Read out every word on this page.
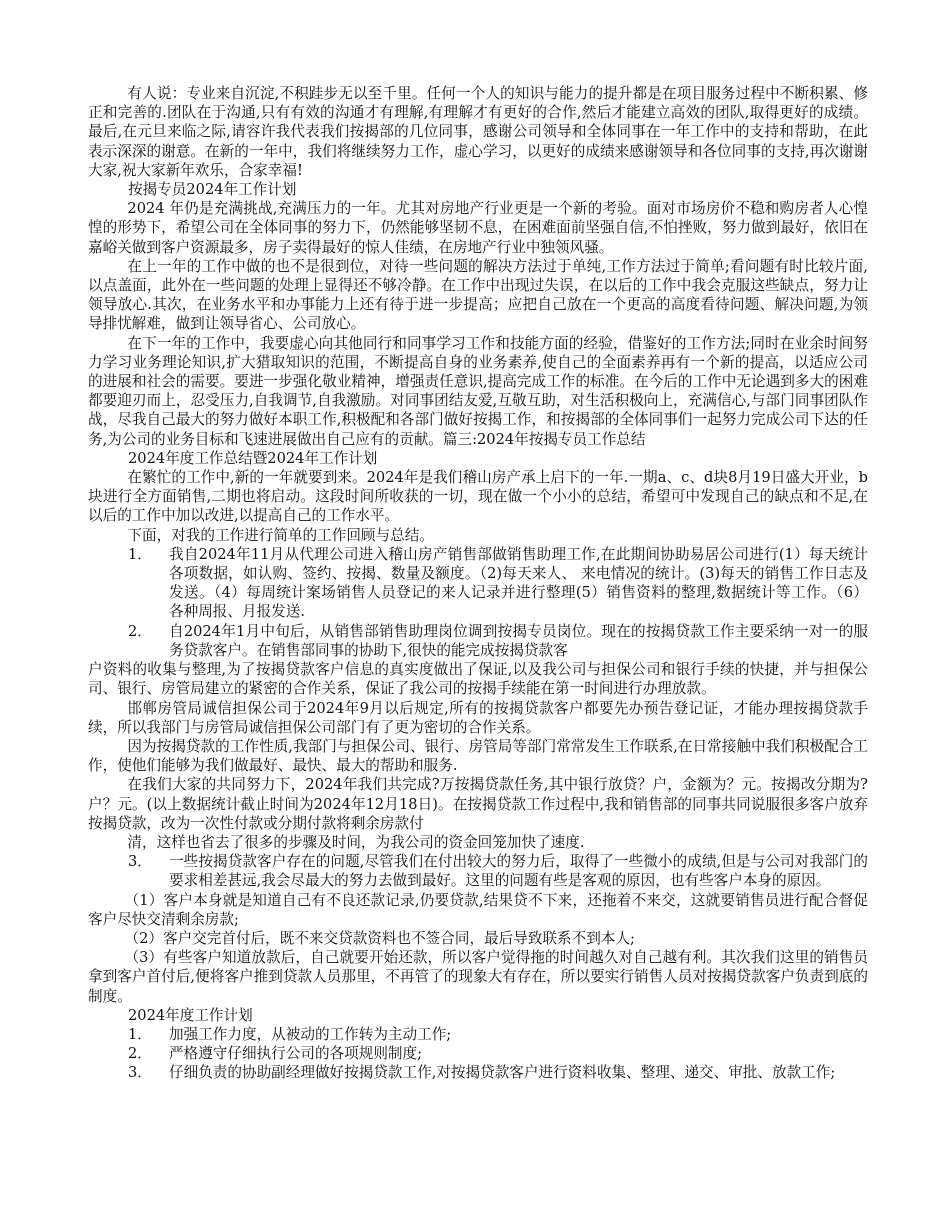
有人说：专业来自沉淀,不积跬步无以至千里。任何一个人的知识与能力的提升都是在项目服务过程中不断积累、修正和完善的.团队在于沟通,只有有效的沟通才有理解,有理解才有更好的合作,然后才能建立高效的团队,取得更好的成绩。最后,在元旦来临之际,请容许我代表我们按揭部的几位同事，感谢公司领导和全体同事在一年工作中的支持和帮助，在此表示深深的谢意。在新的一年中，我们将继续努力工作，虚心学习，以更好的成绩来感谢领导和各位同事的支持,再次谢谢大家,祝大家新年欢乐，合家幸福!

按揭专员2024年工作计划

2024 年仍是充满挑战,充满压力的一年。尤其对房地产行业更是一个新的考验。面对市场房价不稳和购房者人心惶惶的形势下，希望公司在全体同事的努力下，仍然能够坚韧不息，在困难面前坚强自信,不怕挫败，努力做到最好，依旧在嘉峪关做到客户资源最多，房子卖得最好的惊人佳绩，在房地产行业中独领风骚。

在上一年的工作中做的也不是很到位，对待一些问题的解决方法过于单纯,工作方法过于简单;看问题有时比较片面,以点盖面，此外在一些问题的处理上显得还不够冷静。在工作中出现过失误，在以后的工作中我会克服这些缺点，努力让领导放心.其次，在业务水平和办事能力上还有待于进一步提高；应把自己放在一个更高的高度看待问题、解决问题,为领导排忧解难，做到让领导省心、公司放心。

在下一年的工作中，我要虚心向其他同行和同事学习工作和技能方面的经验，借鉴好的工作方法;同时在业余时间努力学习业务理论知识,扩大猎取知识的范围，不断提高自身的业务素养,使自己的全面素养再有一个新的提高，以适应公司的进展和社会的需要。要进一步强化敬业精神，增强责任意识,提高完成工作的标准。在今后的工作中无论遇到多大的困难都要迎刃而上，忍受压力,自我调节,自我激励。对同事团结友爱,互敬互助，对生活积极向上，充满信心,与部门同事团队作战，尽我自己最大的努力做好本职工作,积极配和各部门做好按揭工作，和按揭部的全体同事们一起努力完成公司下达的任务,为公司的业务目标和飞速进展做出自己应有的贡献。篇三:2024年按揭专员工作总结

2024年度工作总结暨2024年工作计划

在繁忙的工作中,新的一年就要到来。2024年是我们稽山房产承上启下的一年.一期a、c、d块8月19日盛大开业，b块进行全方面销售,二期也将启动。这段时间所收获的一切，现在做一个小小的总结，希望可中发现自己的缺点和不足,在以后的工作中加以改进,以提高自己的工作水平。

下面，对我的工作进行简单的工作回顾与总结。

1． 我自2024年11月从代理公司进入稽山房产销售部做销售助理工作,在此期间协助易居公司进行(1）每天统计各项数据，如认购、签约、按揭、数量及额度。（2)每天来人、 来电情况的统计。(3)每天的销售工作日志及发送。（4）每周统计案场销售人员登记的来人记录并进行整理(5）销售资料的整理,数据统计等工作。（6） 各种周报、月报发送.
2． 自2024年1月中旬后，从销售部销售助理岗位调到按揭专员岗位。现在的按揭贷款工作主要采纳一对一的服务贷款客户。在销售部同事的协助下,很快的能完成按揭贷款客

户资料的收集与整理,为了按揭贷款客户信息的真实度做出了保证,以及我公司与担保公司和银行手续的快捷，并与担保公司、银行、房管局建立的紧密的合作关系，保证了我公司的按揭手续能在第一时间进行办理放款。

邯郸房管局诚信担保公司于2024年9月以后规定,所有的按揭贷款客户都要先办预告登记证，才能办理按揭贷款手续，所以我部门与房管局诚信担保公司部门有了更为密切的合作关系。

因为按揭贷款的工作性质,我部门与担保公司、银行、房管局等部门常常发生工作联系,在日常接触中我们积极配合工作，使他们能够为我们做最好、最快、最大的帮助和服务.

在我们大家的共同努力下，2024年我们共完成?万按揭贷款任务,其中银行放贷？户，金额为？元。按揭改分期为?户？元。(以上数据统计截止时间为2024年12月18日)。在按揭贷款工作过程中,我和销售部的同事共同说服很多客户放弃按揭贷款，改为一次性付款或分期付款将剩余房款付

清，这样也省去了很多的步骤及时间，为我公司的资金回笼加快了速度.

3． 一些按揭贷款客户存在的问题,尽管我们在付出较大的努力后，取得了一些微小的成绩,但是与公司对我部门的要求相差甚远,我会尽最大的努力去做到最好。这里的问题有些是客观的原因，也有些客户本身的原因。

（1）客户本身就是知道自己有不良还款记录,仍要贷款,结果贷不下来，还拖着不来交，这就要销售员进行配合督促客户尽快交清剩余房款;

（2）客户交完首付后，既不来交贷款资料也不签合同，最后导致联系不到本人;

（3）有些客户知道放款后，自己就要开始还款，所以客户觉得拖的时间越久对自己越有利。其次我们这里的销售员拿到客户首付后,便将客户推到贷款人员那里，不再管了的现象大有存在，所以要实行销售人员对按揭贷款客户负责到底的制度。

2024年度工作计划

1． 加强工作力度，从被动的工作转为主动工作;
2． 严格遵守仔细执行公司的各项规则制度;
3． 仔细负责的协助副经理做好按揭贷款工作,对按揭贷款客户进行资料收集、整理、递交、审批、放款工作;
